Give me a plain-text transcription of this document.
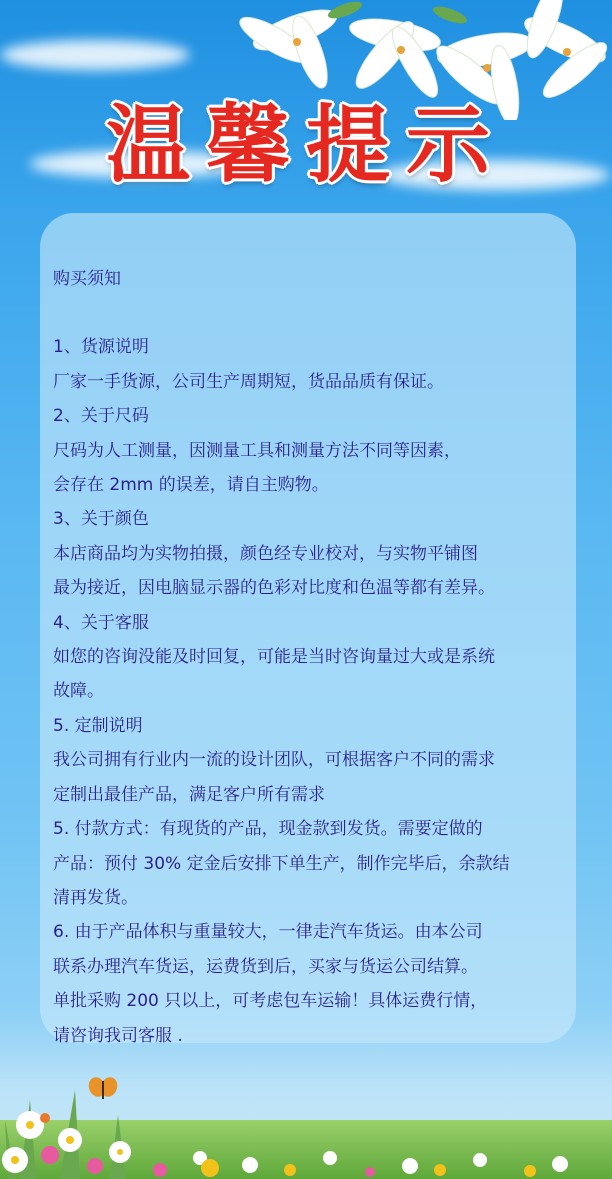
温馨提示

购买须知

1、货源说明

厂家一手货源，公司生产周期短，货品品质有保证。

2、关于尺码

尺码为人工测量，因测量工具和测量方法不同等因素，

会存在 2mm 的误差，请自主购物。

3、关于颜色

本店商品均为实物拍摄，颜色经专业校对，与实物平铺图

最为接近，因电脑显示器的色彩对比度和色温等都有差异。

4、关于客服

如您的咨询没能及时回复，可能是当时咨询量过大或是系统

故障。

5. 定制说明

我公司拥有行业内一流的设计团队，可根据客户不同的需求

定制出最佳产品，满足客户所有需求

5. 付款方式：有现货的产品，现金款到发货。需要定做的

产品：预付 30% 定金后安排下单生产，制作完毕后，余款结

清再发货。

6. 由于产品体积与重量较大，一律走汽车货运。由本公司

联系办理汽车货运，运费货到后，买家与货运公司结算。

单批采购 200 只以上，可考虑包车运输！具体运费行情，

请咨询我司客服 .
